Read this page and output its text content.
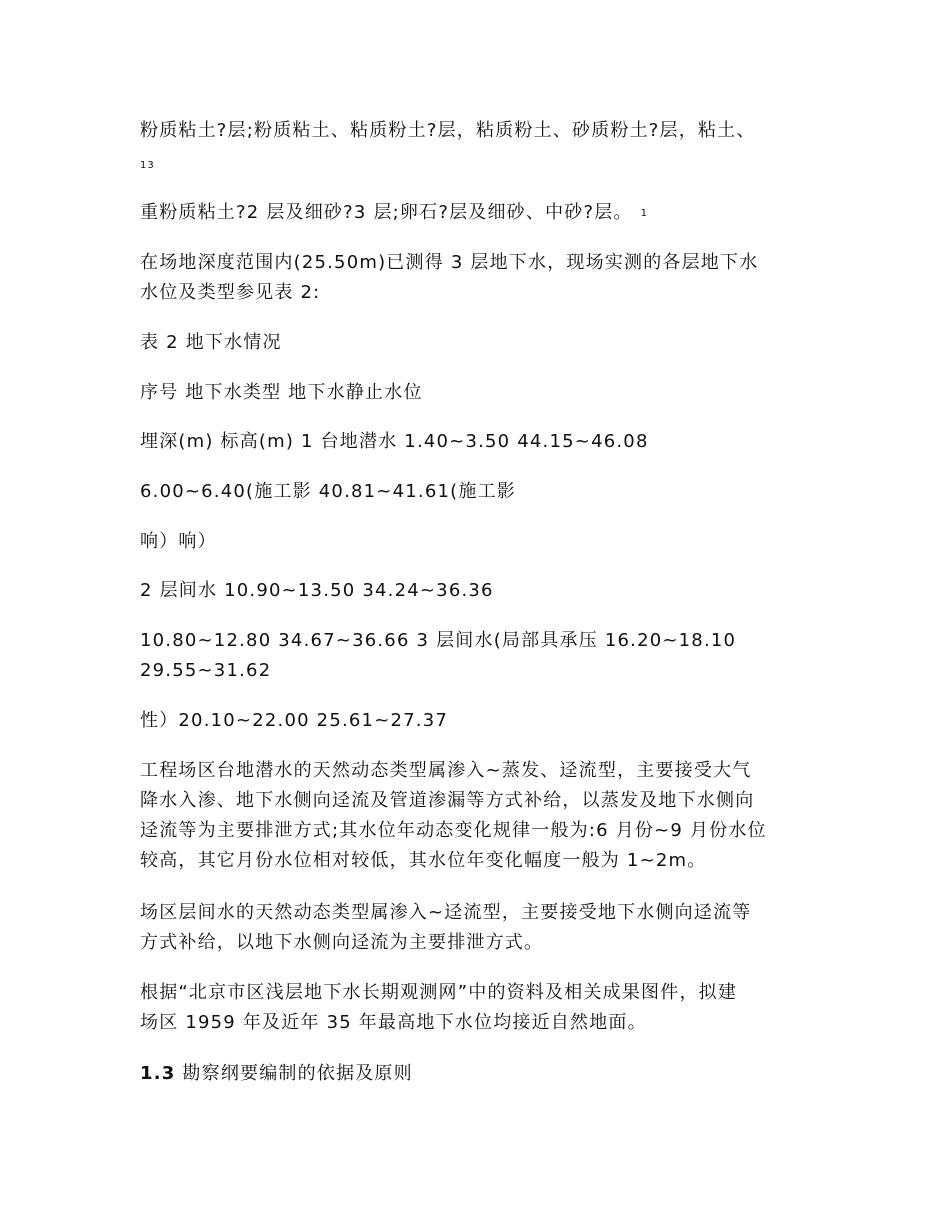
粉质粘土?层;粉质粘土、粘质粉土?层，粘质粉土、砂质粉土?层，粘土、
13
重粉质粘土?2 层及细砂?3 层;卵石?层及细砂、中砂?层。 $^1$
在场地深度范围内(25.50m)已测得 3 层地下水，现场实测的各层地下水
水位及类型参见表 2:
表 2 地下水情况
序号 地下水类型 地下水静止水位
埋深(m) 标高(m) 1 台地潜水 1.40~3.50 44.15~46.08
6.00~6.40(施工影 40.81~41.61(施工影
响）响）
2 层间水 10.90~13.50 34.24~36.36
10.80~12.80 34.67~36.66 3 层间水(局部具承压 16.20~18.10
29.55~31.62
性）20.10~22.00 25.61~27.37
工程场区台地潜水的天然动态类型属渗入~蒸发、迳流型，主要接受大气
降水入渗、地下水侧向迳流及管道渗漏等方式补给，以蒸发及地下水侧向
迳流等为主要排泄方式;其水位年动态变化规律一般为:6 月份~9 月份水位
较高，其它月份水位相对较低，其水位年变化幅度一般为 1~2m。
场区层间水的天然动态类型属渗入~迳流型，主要接受地下水侧向迳流等
方式补给，以地下水侧向迳流为主要排泄方式。
根据“北京市区浅层地下水长期观测网”中的资料及相关成果图件，拟建
场区 1959 年及近年 35 年最高地下水位均接近自然地面。
1.3 勘察纲要编制的依据及原则
